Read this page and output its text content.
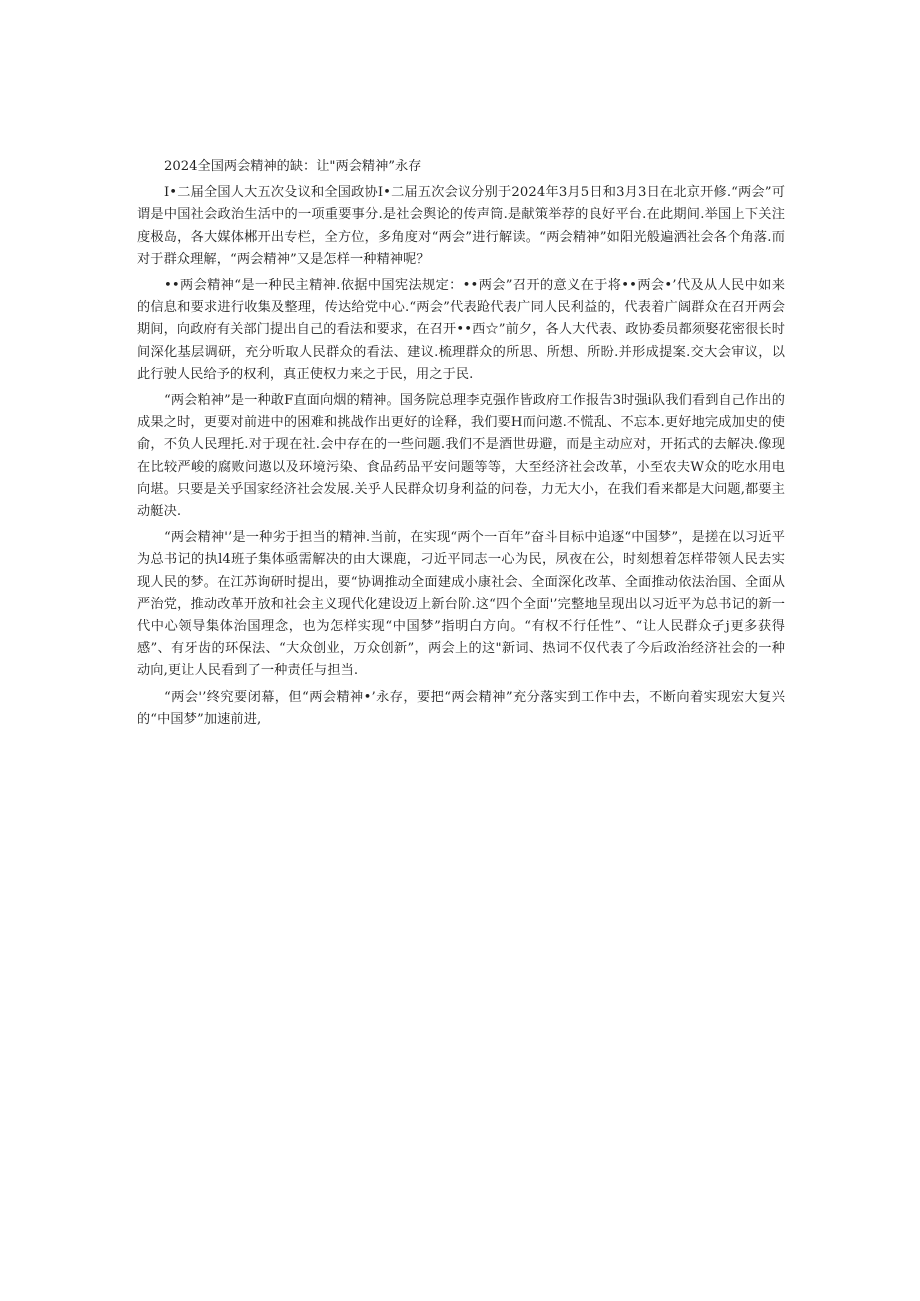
2024全国两会精神的缺：让"两会精神”永存

I•二届全国人大五次殳议和全国政协I•二届五次会议分别于2024年3月5日和3月3日在北京开修.“两会”可谓是中国社会政治生活中的一项重要事分.是社会舆论的传声筒.是献策举荐的良好平台.在此期间.举国上下关注度极岛，各大媒体郴开出专栏，全方位，多角度对“两会”进行解读。“两会精神”如阳光般遍洒社会各个角落.而对于群众理解，“两会精神”又是怎样一种精神呢？

••两会精神“是一种民主精神.依据中国宪法规定：••两会”召开的意义在于将••两会•’代及从人民中如来的信息和要求进行收集及整理，传达给党中心.“两会”代表跄代表广同人民利益的，代表着广阔群众在召开两会期间，向政府有关部门提出自己的看法和要求，在召开••西☆”前夕，各人大代表、政协委员都须娶花密很长时间深化基层调研，充分听取人民群众的看法、建议.梳理群众的所思、所想、所盼.并形成提案.交大会审议，以此行驶人民给予的权利，真正使权力来之于民，用之于民.

“两会粕神”是一种敢F直面向烟的精神。国务院总理李克强作皆政府工作报告3时强i队我们看到自己作出的成果之时，更要对前进中的困难和挑战作出更好的诠释，我们要H而问遨.不慌乱、不忘本.更好地完成加史的使俞，不负人民理托.对于现在社.会中存在的一些问题.我们不是酒世毋避，而是主动应对，开拓式的去解决.像现在比较严峻的腐败问遨以及环境污染、食品药品平安问题等等，大至经济社会改革，小至农夫W众的吃水用电向堪。只要是关乎国家经济社会发展.关乎人民群众切身利益的问卷，力无大小，在我们看来都是大问题,都要主动艇决.

“两会精神'’是一种劣于担当的精神.当前，在实现“两个一百年”奋斗目标中追逐“中国梦”，是搓在以习近平为总书记的执l4班子集体亟需解决的由大课鹿，刁近平同志一心为民，夙夜在公，时刻想着怎样带领人民去实现人民的梦。在江苏询研时提出，要“协调推动全面建成小康社会、全面深化改革、全面推动依法治国、全面从严治党，推动改革开放和社会主义现代化建设迈上新台阶.这“四个全面'’完整地呈现出以习近平为总书记的新一代中心领导集体治国理念，也为怎样实现“中国梦”指明白方向。“有权不行任性”、“让人民群众孑j更多获得感”、有牙齿的环保法、“大众创业，万众创新”，两会上的这"新词、热词不仅代表了今后政治经济社会的一种动向,更让人民看到了一种责任与担当.

“两会'’终究要闭幕，但“两会精神•’永存，要把“两会精神”充分落实到工作中去，不断向着实现宏大复兴的“中国梦”加速前进,
